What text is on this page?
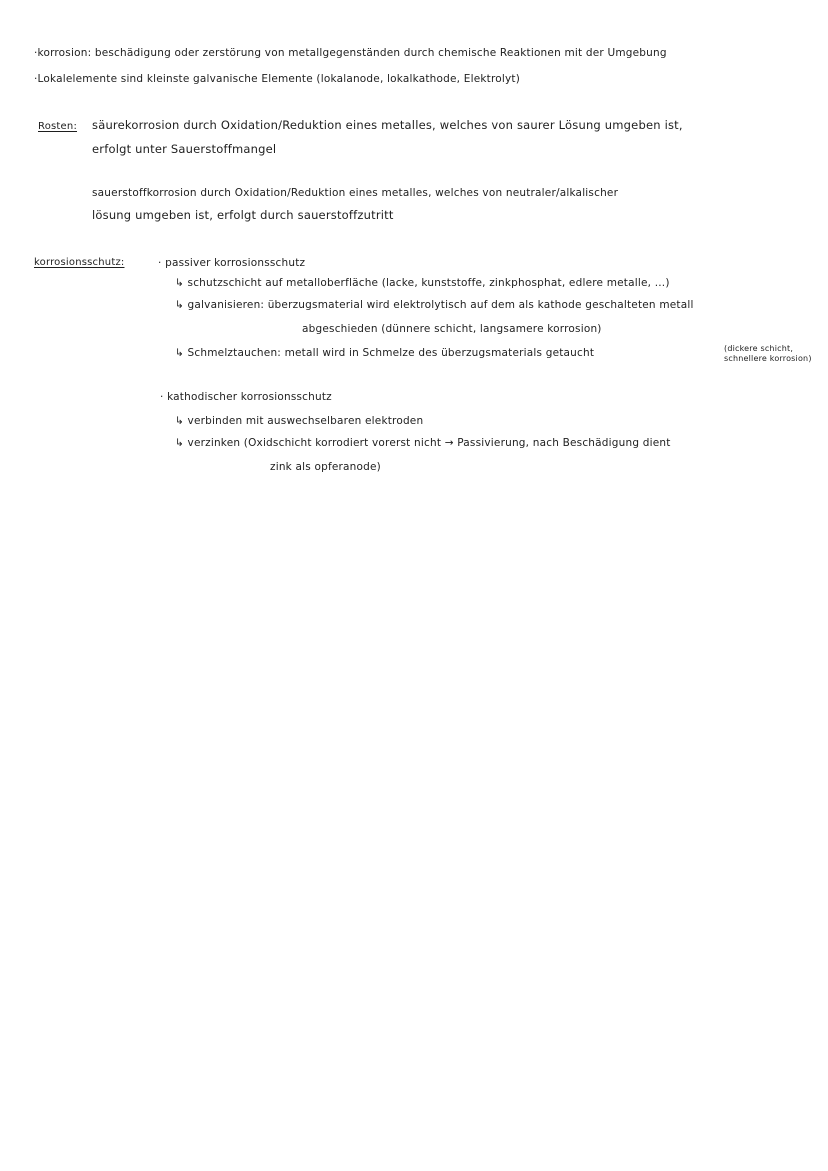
·korrosion: beschädigung oder zerstörung von metallgegenständen durch chemische Reaktionen mit der Umgebung
·Lokalelemente sind kleinste galvanische Elemente (lokalanode, lokalkathode, Elektrolyt)
Rosten: säurekorrosion durch Oxidation/Reduktion eines metalles, welches von saurer Lösung umgeben ist,
erfolgt unter Sauerstoffmangel
sauerstoffkorrosion durch Oxidation/Reduktion eines metalles, welches von neutraler/alkalischer
lösung umgeben ist, erfolgt durch sauerstoffzutritt
korrosionsschutz:	· passiver korrosionsschutz
↳ schutzschicht auf metalloberfläche (lacke, kunststoffe, zinkphosphat, edlere metalle, ...)
↳ galvanisieren: überzugsmaterial wird elektrolytisch auf dem als kathode geschalteten metall
abgeschieden (dünnere schicht, langsamere korrosion)
↳ Schmelztauchen: metall wird in Schmelze des überzugsmaterials getaucht	(dickere schicht,
schnellere korrosion)
· kathodischer korrosionsschutz
↳ verbinden mit auswechselbaren elektroden
↳ verzinken (Oxidschicht korrodiert vorerst nicht → Passivierung, nach Beschädigung dient
zink als opferanode)
